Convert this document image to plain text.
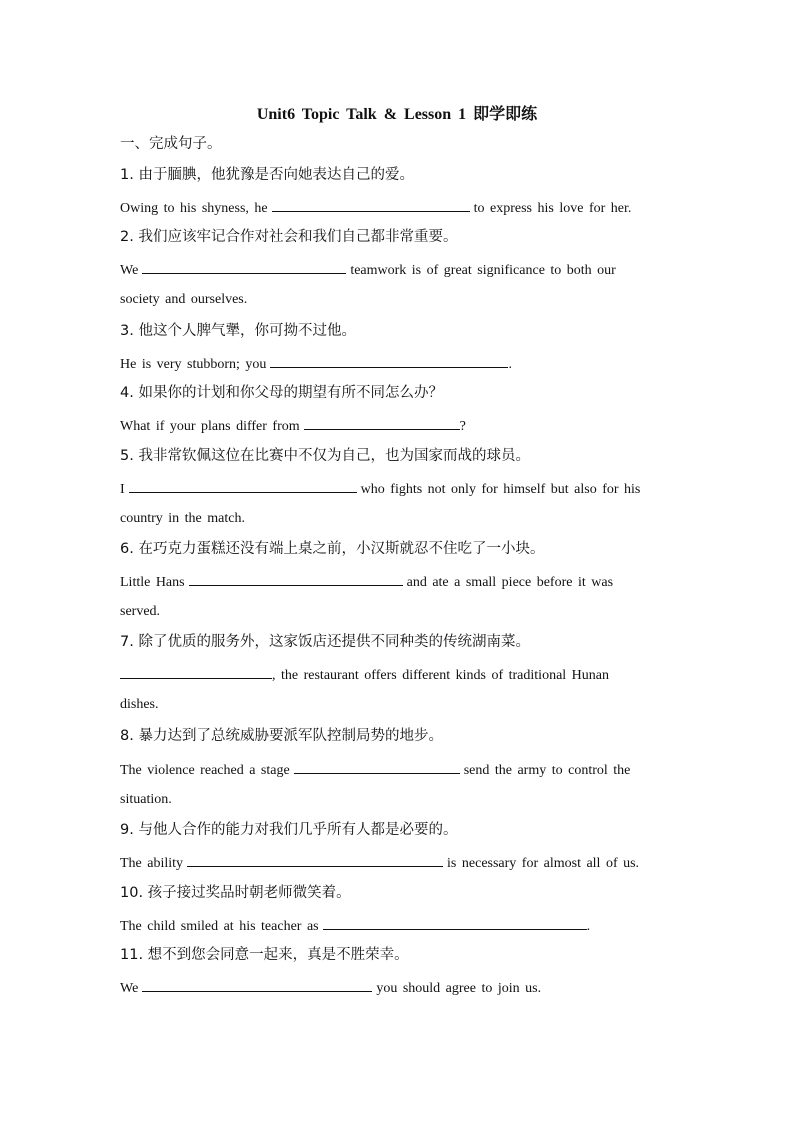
Unit6 Topic Talk & Lesson 1 即学即练
一、完成句子。
1. 由于腼腆，他犹豫是否向她表达自己的爱。
Owing to his shyness, he	to express his love for her.
2. 我们应该牢记合作对社会和我们自己都非常重要。
We	teamwork is of great significance to both our
society and ourselves.
3. 他这个人脾气犟，你可拗不过他。
He is very stubborn; you	.
4. 如果你的计划和你父母的期望有所不同怎么办？
What if your plans differ from	?
5. 我非常钦佩这位在比赛中不仅为自己，也为国家而战的球员。
I	who fights not only for himself but also for his
country in the match.
6. 在巧克力蛋糕还没有端上桌之前，小汉斯就忍不住吃了一小块。
Little Hans	and ate a small piece before it was
served.
7. 除了优质的服务外，这家饭店还提供不同种类的传统湖南菜。
, the restaurant offers different kinds of traditional Hunan
dishes.
8. 暴力达到了总统威胁要派军队控制局势的地步。
The violence reached a stage	send the army to control the
situation.
9. 与他人合作的能力对我们几乎所有人都是必要的。
The ability	is necessary for almost all of us.
10. 孩子接过奖品时朝老师微笑着。
The child smiled at his teacher as	.
11. 想不到您会同意一起来，真是不胜荣幸。
We	you should agree to join us.
